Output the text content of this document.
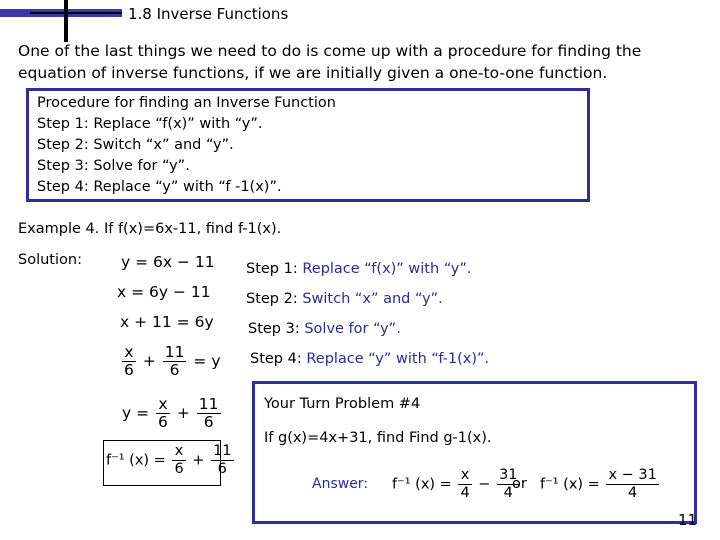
1.8 Inverse Functions
One of the last things we need to do is come up with a procedure for finding the equation of inverse functions, if we are initially given a one-to-one function.
Procedure for finding an Inverse Function
Step 1: Replace “f(x)” with “y”.
Step 2: Switch “x” and “y”.
Step 3: Solve for “y”.
Step 4: Replace “y” with “f -1(x)”.
Example 4. If f(x)=6x-11, find f-1(x).
Solution:	y = 6x − 11
x = 6y − 11
x + 11 = 6y
$\frac{x}{6} + \frac{11}{6} = y$
$y = \frac{x}{6} + \frac{11}{6}$
f⁻¹ $(x) = \frac{x}{6} + \frac{11}{6}$
Step 1: Replace “f(x)” with “y”.
Step 2: Switch “x” and “y”.
Step 3: Solve for “y”.
Step 4: Replace “y” with “f-1(x)”.
Your Turn Problem #4
If g(x)=4x+31, find Find g-1(x).
Answer: f⁻¹ $(x) = \frac{x}{4} - \frac{31}{4}$
or f⁻¹ $(x) = \frac{x - 31}{4}$
11
